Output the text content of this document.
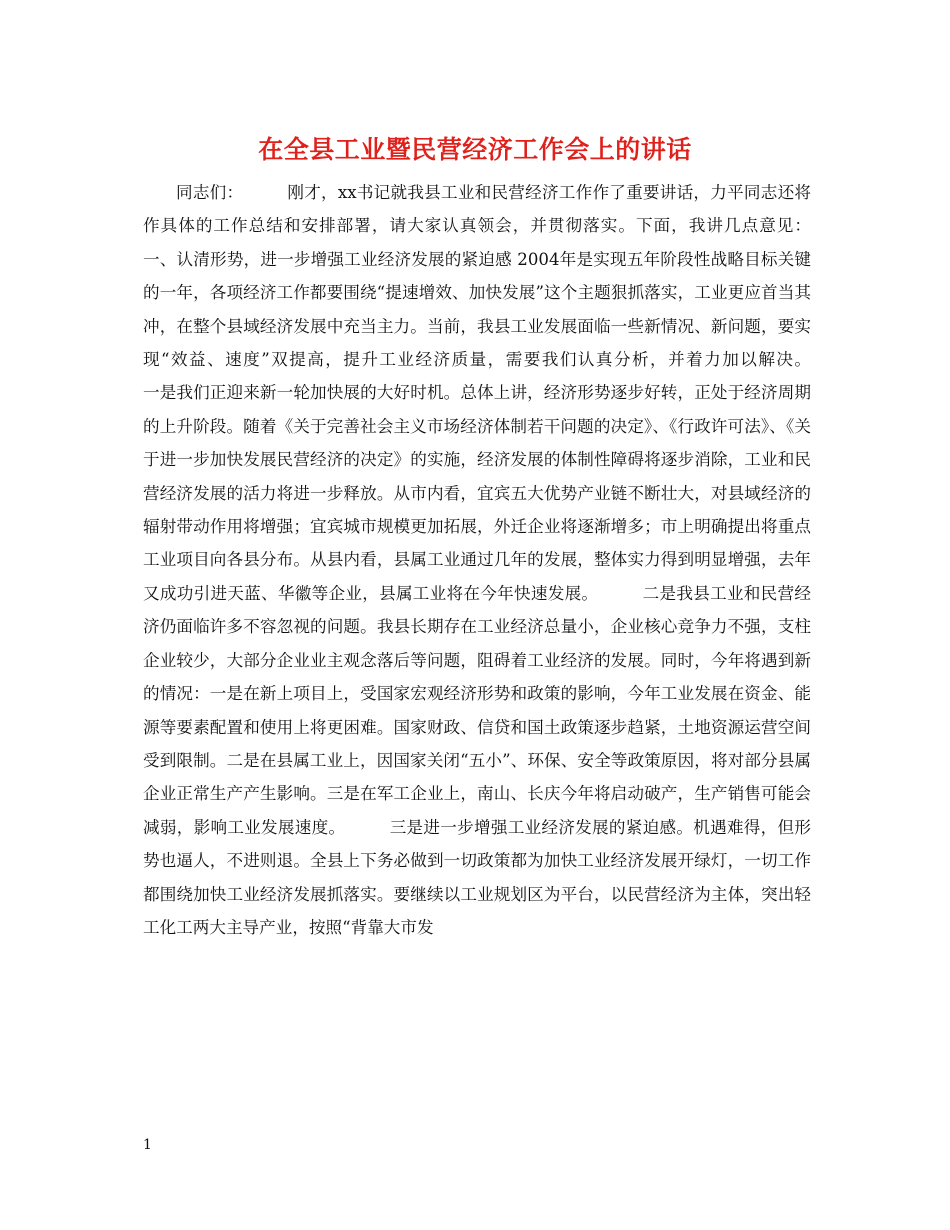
在全县工业暨民营经济工作会上的讲话

同志们：        刚才，xx书记就我县工业和民营经济工作作了重要讲话，力平同志还将作具体的工作总结和安排部署，请大家认真领会，并贯彻落实。下面，我讲几点意见：        一、认清形势，进一步增强工业经济发展的紧迫感 2004年是实现五年阶段性战略目标关键的一年，各项经济工作都要围绕“提速增效、加快发展”这个主题狠抓落实，工业更应首当其冲，在整个县域经济发展中充当主力。当前，我县工业发展面临一些新情况、新问题，要实现“效益、速度”双提高，提升工业经济质量，需要我们认真分析，并着力加以解决。        一是我们正迎来新一轮加快展的大好时机。总体上讲，经济形势逐步好转，正处于经济周期的上升阶段。随着《关于完善社会主义市场经济体制若干问题的决定》、《行政许可法》、《关于进一步加快发展民营经济的决定》的实施，经济发展的体制性障碍将逐步消除，工业和民营经济发展的活力将进一步释放。从市内看，宜宾五大优势产业链不断壮大，对县域经济的辐射带动作用将增强；宜宾城市规模更加拓展，外迁企业将逐渐增多；市上明确提出将重点工业项目向各县分布。从县内看，县属工业通过几年的发展，整体实力得到明显增强，去年又成功引进天蓝、华徽等企业，县属工业将在今年快速发展。        二是我县工业和民营经济仍面临许多不容忽视的问题。我县长期存在工业经济总量小，企业核心竞争力不强，支柱企业较少，大部分企业业主观念落后等问题，阻碍着工业经济的发展。同时，今年将遇到新的情况：一是在新上项目上，受国家宏观经济形势和政策的影响，今年工业发展在资金、能源等要素配置和使用上将更困难。国家财政、信贷和国土政策逐步趋紧，土地资源运营空间受到限制。二是在县属工业上，因国家关闭“五小”、环保、安全等政策原因，将对部分县属企业正常生产产生影响。三是在军工企业上，南山、长庆今年将启动破产，生产销售可能会减弱，影响工业发展速度。        三是进一步增强工业经济发展的紧迫感。机遇难得，但形势也逼人，不进则退。全县上下务必做到一切政策都为加快工业经济发展开绿灯，一切工作都围绕加快工业经济发展抓落实。要继续以工业规划区为平台，以民营经济为主体，突出轻工化工两大主导产业，按照“背靠大市发

1
